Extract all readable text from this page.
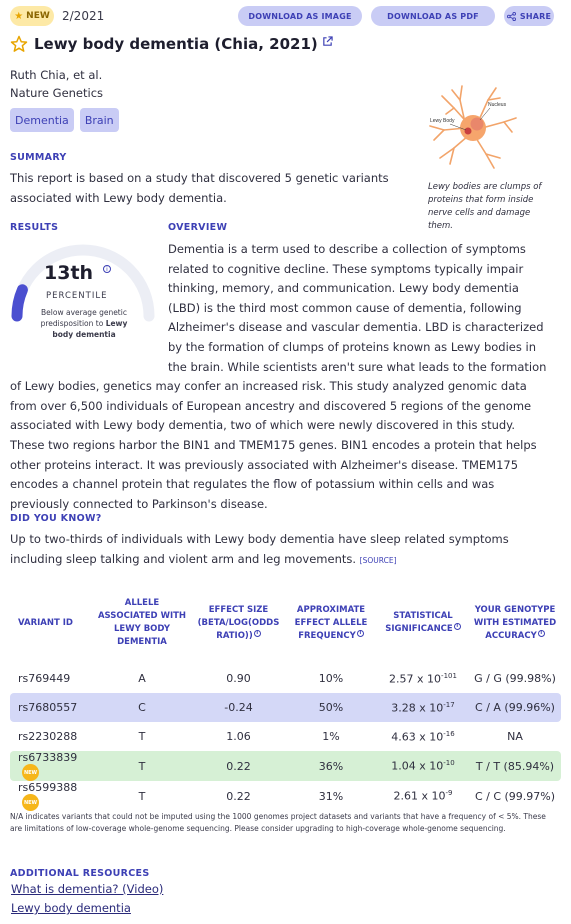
★ NEW 2/2021	DOWNLOAD AS IMAGE	DOWNLOAD AS PDF	SHARE
Lewy body dementia (Chia, 2021)
Ruth Chia, et al.
Nature Genetics
Dementia	Brain
Nucleus
Lewy Body
Lewy bodies are clumps of proteins that form inside nerve cells and damage them.
SUMMARY
This report is based on a study that discovered 5 genetic variants associated with Lewy body dementia.
RESULTS	OVERVIEW
13th	i
PERCENTILE
Below average genetic predisposition to Lewy body dementia
Dementia is a term used to describe a collection of symptoms related to cognitive decline. These symptoms typically impair thinking, memory, and communication. Lewy body dementia (LBD) is the third most common cause of dementia, following Alzheimer's disease and vascular dementia. LBD is characterized by the formation of clumps of proteins known as Lewy bodies in the brain. While scientists aren't sure what leads to the formation of Lewy bodies, genetics may confer an increased risk. This study analyzed genomic data from over 6,500 individuals of European ancestry and discovered 5 regions of the genome associated with Lewy body dementia, two of which were newly discovered in this study. These two regions harbor the BIN1 and TMEM175 genes. BIN1 encodes a protein that helps other proteins interact. It was previously associated with Alzheimer's disease. TMEM175 encodes a channel protein that regulates the flow of potassium within cells and was previously connected to Parkinson's disease.
DID YOU KNOW?
Up to two-thirds of individuals with Lewy body dementia have sleep related symptoms including sleep talking and violent arm and leg movements. [SOURCE]
VARIANT ID	ALLELE ASSOCIATED WITH LEWY BODY DEMENTIA	EFFECT SIZE (BETA/LOG(ODDS RATIO)) i	APPROXIMATE EFFECT ALLELE FREQUENCY i	STATISTICAL SIGNIFICANCE i	YOUR GENOTYPE WITH ESTIMATED ACCURACY i
rs769449	A	0.90	10%	2.57 x $10^{-101}$	G / G (99.98%)
rs7680557	C	-0.24	50%	3.28 x $10^{-17}$	C / A (99.96%)
rs2230288	T	1.06	1%	4.63 x $10^{-16}$	NA
rs6733839NEW	T	0.22	36%	1.04 x $10^{-10}$	T / T (85.94%)
rs6599388NEW	T	0.22	31%	2.61 x $10^{-9}$	C / C (99.97%)
N/A indicates variants that could not be imputed using the 1000 genomes project datasets and variants that have a frequency of < 5%. These are limitations of low-coverage whole-genome sequencing. Please consider upgrading to high-coverage whole-genome sequencing.
ADDITIONAL RESOURCES
What is dementia? (Video)
Lewy body dementia
